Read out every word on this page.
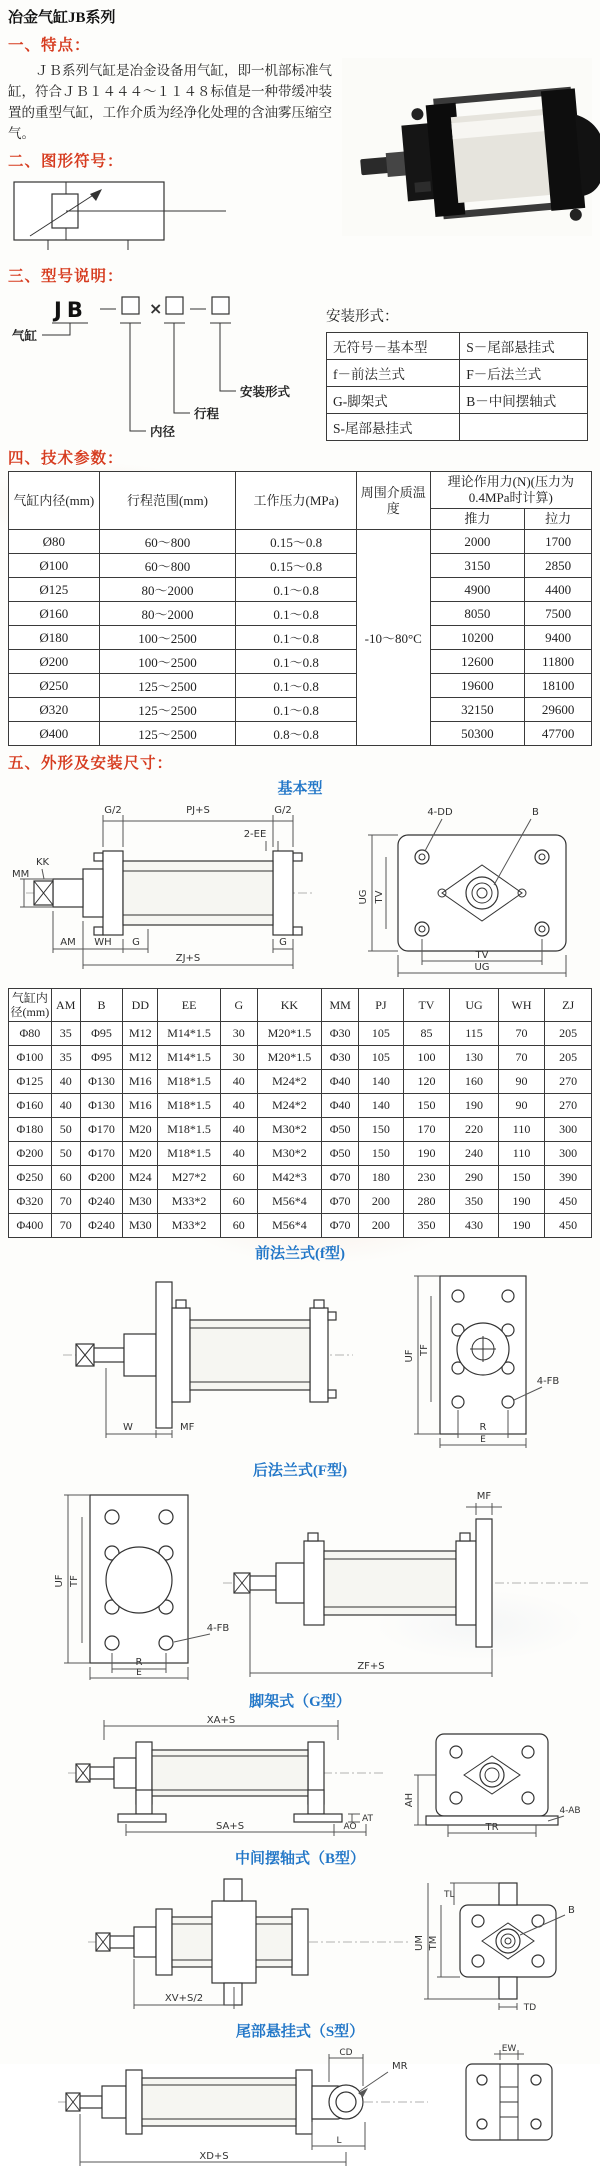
冶金气缸JB系列
一、特点：

ＪＢ系列气缸是冶金设备用气缸，即一机部标准气缸，符合ＪＢ１４４４～１１４８标值是一种带缓冲装置的重型气缸，工作介质为经净化处理的含油雾压缩空气。

二、图形符号：
三、型号说明：
JB	×
气缸
安装形式
行程
内径
安装形式：
无符号－基本型	S－尾部悬挂式
f－前法兰式	F－后法兰式
G-脚架式	B－中间摆轴式
S-尾部悬挂式	
四、技术参数：
气缸内径(mm)	行程范围(mm)	工作压力(MPa)	周围介质温度	理论作用力(N)(压力为0.4MPa时计算)	
				推力	拉力
Ø80	60～800	0.15～0.8	-10～80°C	2000	1700
Ø100	60～800	0.15～0.8		3150	2850
Ø125	80～2000	0.1～0.8		4900	4400
Ø160	80～2000	0.1～0.8		8050	7500
Ø180	100～2500	0.1～0.8		10200	9400
Ø200	100～2500	0.1～0.8		12600	11800
Ø250	125～2500	0.1～0.8		19600	18100
Ø320	125～2500	0.1～0.8		32150	29600
Ø400	125～2500	0.8～0.8		50300	47700
五、外形及安装尺寸：
基本型
G/2	PJ+S	G/2
2-EE
KK
MM
AM WH G	G
ZJ+S
4-DD	B
UG TV
TV
UG
气缸内径(mm)	AM	B	DD	EE	G	KK	MM	PJ	TV	UG	WH	ZJ
Φ80	35	Φ95	M12	M14*1.5	30	M20*1.5	Φ30	105	85	115	70	205
Φ100	35	Φ95	M12	M14*1.5	30	M20*1.5	Φ30	105	100	130	70	205
Φ125	40	Φ130	M16	M18*1.5	40	M24*2	Φ40	140	120	160	90	270
Φ160	40	Φ130	M16	M18*1.5	40	M24*2	Φ40	140	150	190	90	270
Φ180	50	Φ170	M20	M18*1.5	40	M30*2	Φ50	150	170	220	110	300
Φ200	50	Φ170	M20	M18*1.5	40	M30*2	Φ50	150	190	240	110	300
Φ250	60	Φ200	M24	M27*2	60	M42*3	Φ70	180	230	290	150	390
Φ320	70	Φ240	M30	M33*2	60	M56*4	Φ70	200	280	350	190	450
Φ400	70	Φ240	M30	M33*2	60	M56*4	Φ70	200	350	430	190	450
前法兰式(f型)
W	MF
UF TF
4-FB
R
E
后法兰式(F型)
UF TF
4-FB
R
E
MF
ZF+S
脚架式（G型）
XA+S
AT
SA+S	AO
AH
TR
4-AB
中间摆轴式（B型）
XV+S/2
B
TL
UM TM
TD
尾部悬挂式（S型）
CD
MR
L
XD+S
EW
